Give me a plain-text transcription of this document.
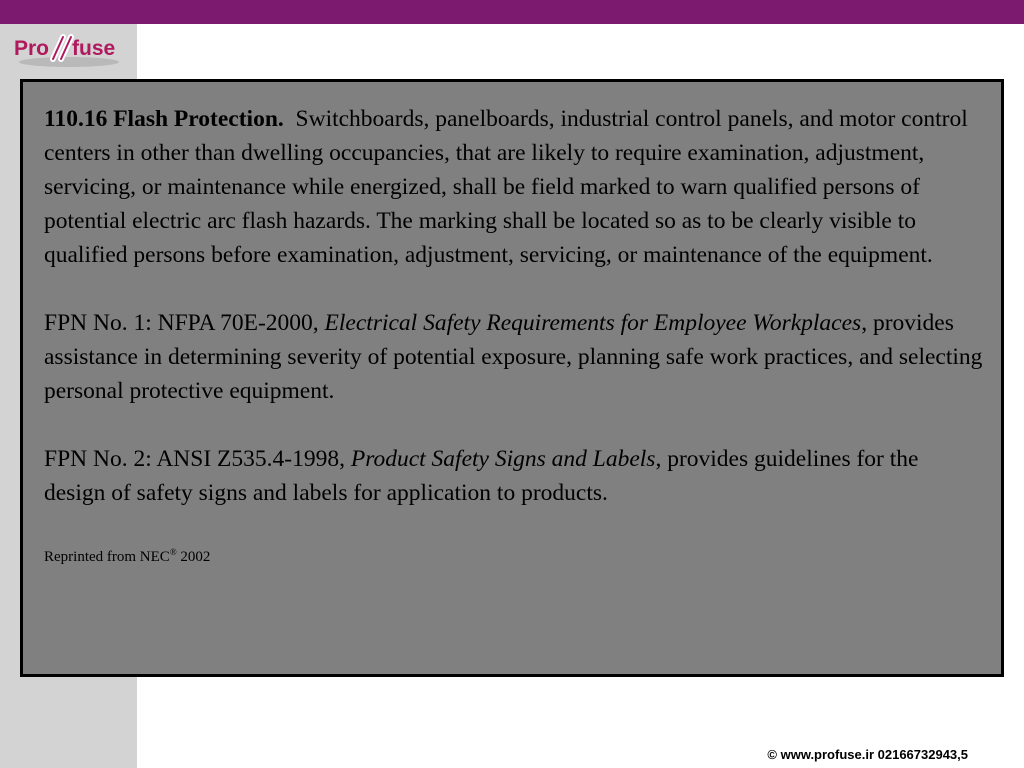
Pro fuse

110.16 Flash Protection. Switchboards, panelboards, industrial control panels, and motor control centers in other than dwelling occupancies, that are likely to require examination, adjustment, servicing, or maintenance while energized, shall be field marked to warn qualified persons of potential electric arc flash hazards. The marking shall be located so as to be clearly visible to qualified persons before examination, adjustment, servicing, or maintenance of the equipment.

FPN No. 1: NFPA 70E-2000, Electrical Safety Requirements for Employee Workplaces, provides assistance in determining severity of potential exposure, planning safe work practices, and selecting personal protective equipment.

FPN No. 2: ANSI Z535.4-1998, Product Safety Signs and Labels, provides guidelines for the design of safety signs and labels for application to products.

Reprinted from NEC® 2002

© www.profuse.ir 02166732943,5
